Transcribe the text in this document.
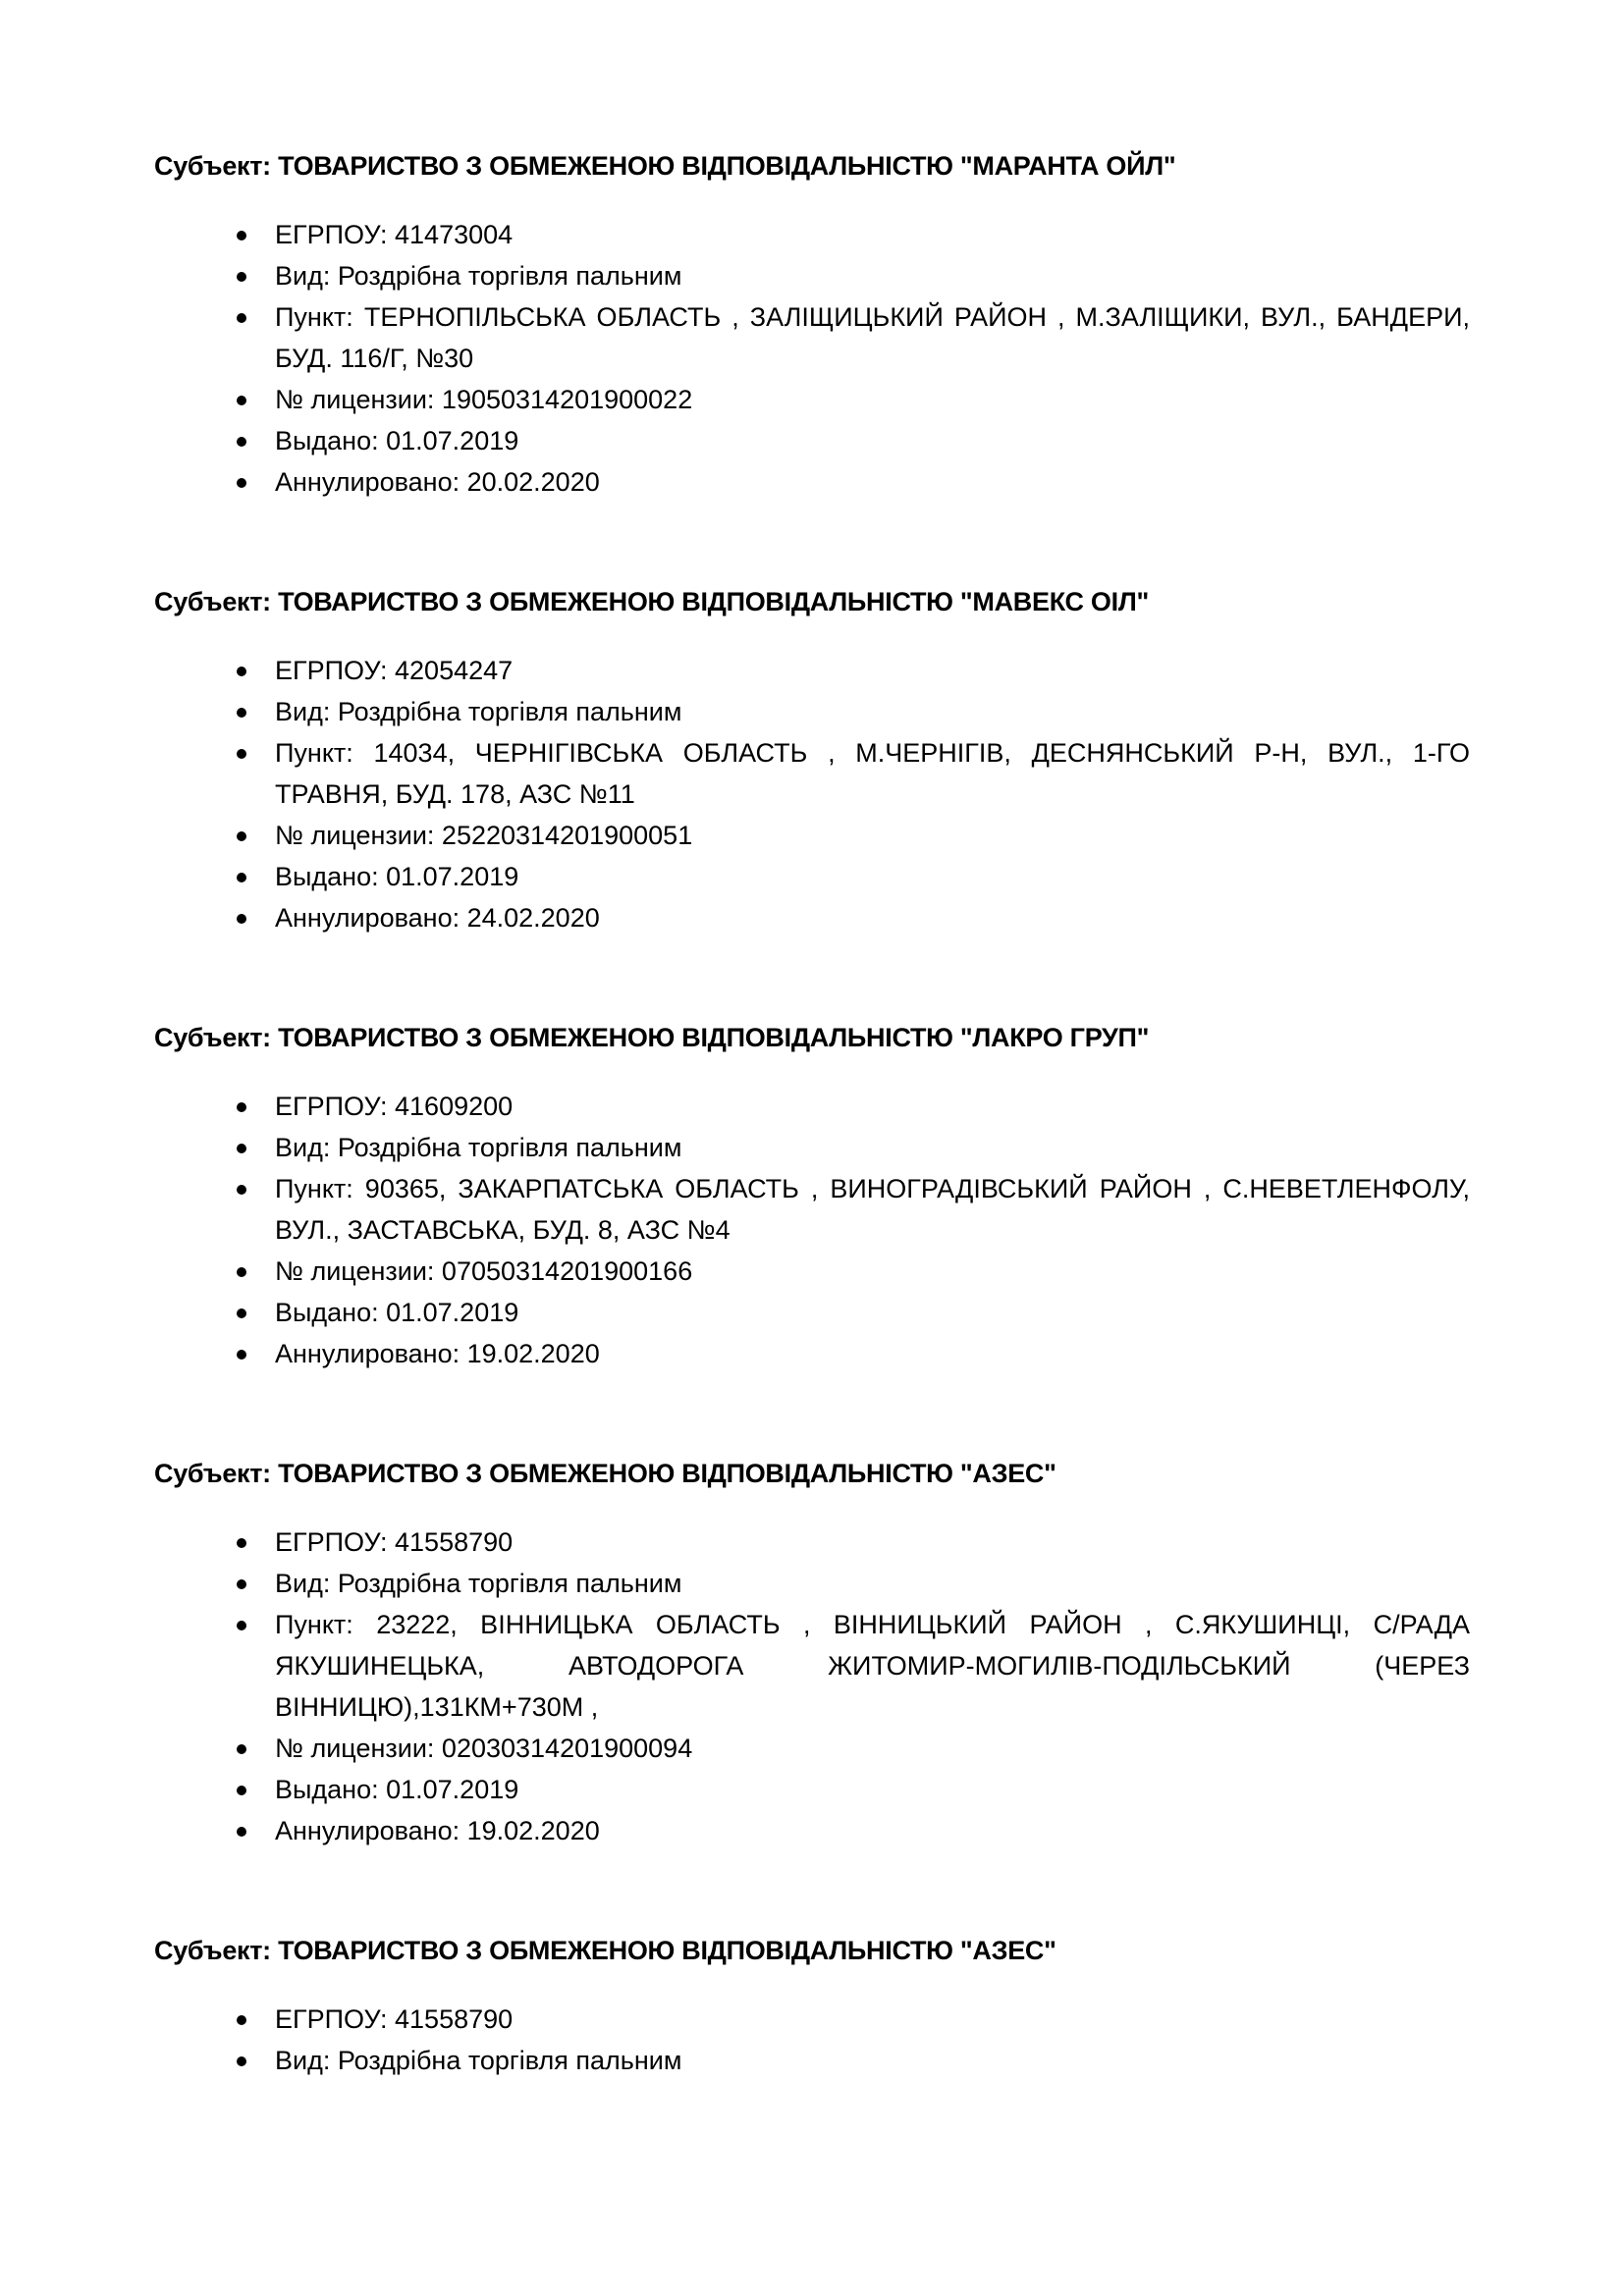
Субъект: ТОВАРИСТВО З ОБМЕЖЕНОЮ ВІДПОВІДАЛЬНІСТЮ "МАРАНТА ОЙЛ"

ЕГРПОУ: 41473004
Вид: Роздрібна торгівля пальним
Пункт: ТЕРНОПІЛЬСЬКА ОБЛАСТЬ , ЗАЛІЩИЦЬКИЙ РАЙОН , М.ЗАЛІЩИКИ, ВУЛ., БАНДЕРИ, БУД. 116/Г, №30
№ лицензии: 19050314201900022
Выдано: 01.07.2019
Аннулировано: 20.02.2020

Субъект: ТОВАРИСТВО З ОБМЕЖЕНОЮ ВІДПОВІДАЛЬНІСТЮ "МАВЕКС ОІЛ"

ЕГРПОУ: 42054247
Вид: Роздрібна торгівля пальним
Пункт: 14034, ЧЕРНІГІВСЬКА ОБЛАСТЬ , М.ЧЕРНІГІВ, ДЕСНЯНСЬКИЙ Р-Н, ВУЛ., 1-ГО ТРАВНЯ, БУД. 178, АЗС №11
№ лицензии: 25220314201900051
Выдано: 01.07.2019
Аннулировано: 24.02.2020

Субъект: ТОВАРИСТВО З ОБМЕЖЕНОЮ ВІДПОВІДАЛЬНІСТЮ "ЛАКРО ГРУП"

ЕГРПОУ: 41609200
Вид: Роздрібна торгівля пальним
Пункт: 90365, ЗАКАРПАТСЬКА ОБЛАСТЬ , ВИНОГРАДІВСЬКИЙ РАЙОН , С.НЕВЕТЛЕНФОЛУ, ВУЛ., ЗАСТАВСЬКА, БУД. 8, АЗС №4
№ лицензии: 07050314201900166
Выдано: 01.07.2019
Аннулировано: 19.02.2020

Субъект: ТОВАРИСТВО З ОБМЕЖЕНОЮ ВІДПОВІДАЛЬНІСТЮ "АЗЕС"

ЕГРПОУ: 41558790
Вид: Роздрібна торгівля пальним
Пункт: 23222, ВІННИЦЬКА ОБЛАСТЬ , ВІННИЦЬКИЙ РАЙОН , С.ЯКУШИНЦІ, С/РАДА ЯКУШИНЕЦЬКА, АВТОДОРОГА ЖИТОМИР-МОГИЛІВ-ПОДІЛЬСЬКИЙ (ЧЕРЕЗ ВІННИЦЮ),131КМ+730М ,
№ лицензии: 02030314201900094
Выдано: 01.07.2019
Аннулировано: 19.02.2020

Субъект: ТОВАРИСТВО З ОБМЕЖЕНОЮ ВІДПОВІДАЛЬНІСТЮ "АЗЕС"

ЕГРПОУ: 41558790
Вид: Роздрібна торгівля пальним
